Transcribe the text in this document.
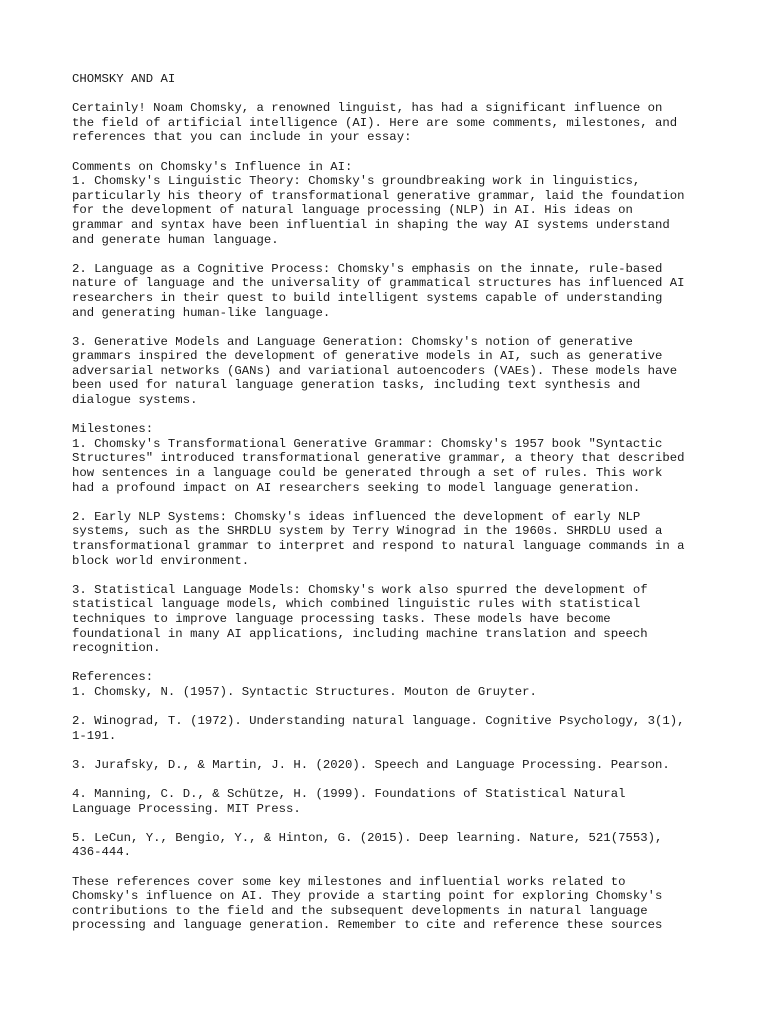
CHOMSKY AND AI
Certainly! Noam Chomsky, a renowned linguist, has had a significant influence on
the field of artificial intelligence (AI). Here are some comments, milestones, and
references that you can include in your essay:
Comments on Chomsky's Influence in AI:
1. Chomsky's Linguistic Theory: Chomsky's groundbreaking work in linguistics,
particularly his theory of transformational generative grammar, laid the foundation
for the development of natural language processing (NLP) in AI. His ideas on
grammar and syntax have been influential in shaping the way AI systems understand
and generate human language.
2. Language as a Cognitive Process: Chomsky's emphasis on the innate, rule-based
nature of language and the universality of grammatical structures has influenced AI
researchers in their quest to build intelligent systems capable of understanding
and generating human-like language.
3. Generative Models and Language Generation: Chomsky's notion of generative
grammars inspired the development of generative models in AI, such as generative
adversarial networks (GANs) and variational autoencoders (VAEs). These models have
been used for natural language generation tasks, including text synthesis and
dialogue systems.
Milestones:
1. Chomsky's Transformational Generative Grammar: Chomsky's 1957 book "Syntactic
Structures" introduced transformational generative grammar, a theory that described
how sentences in a language could be generated through a set of rules. This work
had a profound impact on AI researchers seeking to model language generation.
2. Early NLP Systems: Chomsky's ideas influenced the development of early NLP
systems, such as the SHRDLU system by Terry Winograd in the 1960s. SHRDLU used a
transformational grammar to interpret and respond to natural language commands in a
block world environment.
3. Statistical Language Models: Chomsky's work also spurred the development of
statistical language models, which combined linguistic rules with statistical
techniques to improve language processing tasks. These models have become
foundational in many AI applications, including machine translation and speech
recognition.
References:
1. Chomsky, N. (1957). Syntactic Structures. Mouton de Gruyter.
2. Winograd, T. (1972). Understanding natural language. Cognitive Psychology, 3(1),
1-191.
3. Jurafsky, D., & Martin, J. H. (2020). Speech and Language Processing. Pearson.
4. Manning, C. D., & Schütze, H. (1999). Foundations of Statistical Natural
Language Processing. MIT Press.
5. LeCun, Y., Bengio, Y., & Hinton, G. (2015). Deep learning. Nature, 521(7553),
436-444.
These references cover some key milestones and influential works related to
Chomsky's influence on AI. They provide a starting point for exploring Chomsky's
contributions to the field and the subsequent developments in natural language
processing and language generation. Remember to cite and reference these sources
